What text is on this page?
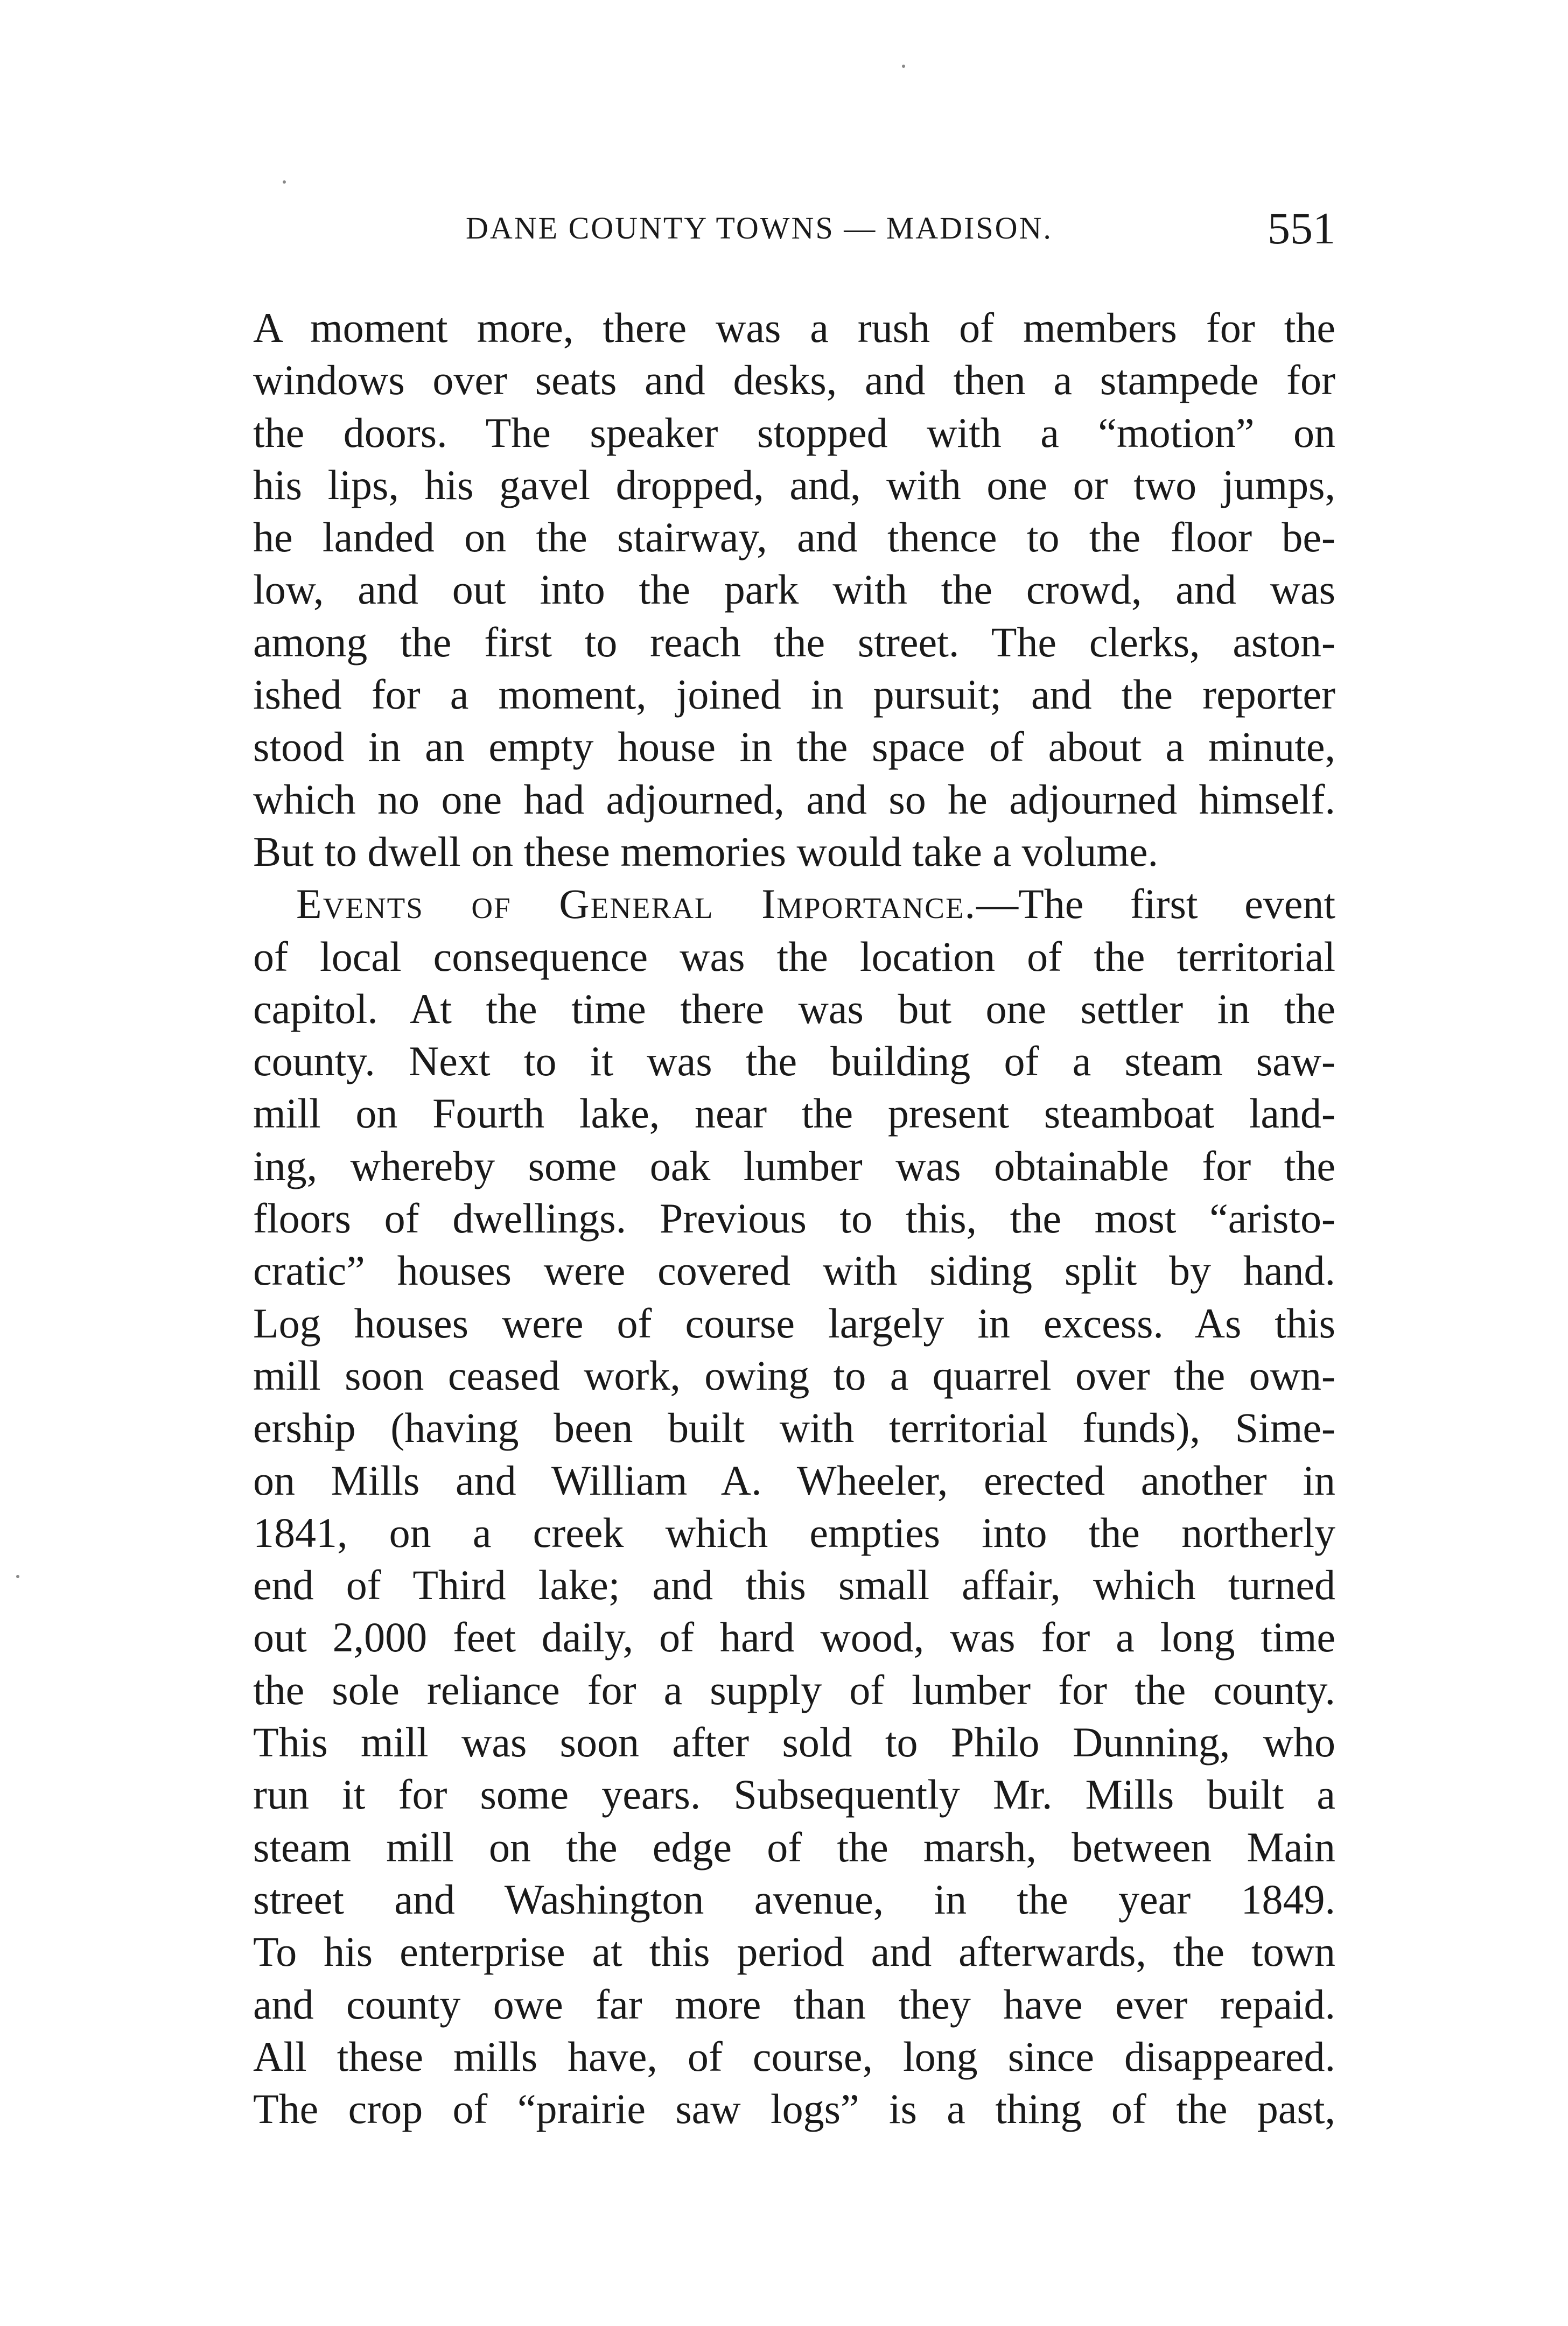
DANE COUNTY TOWNS — MADISON.	551
A moment more, there was a rush of members for the
windows over seats and desks, and then a stampede for
the doors. The speaker stopped with a “motion” on
his lips, his gavel dropped, and, with one or two jumps,
he landed on the stairway, and thence to the floor be-
low, and out into the park with the crowd, and was
among the first to reach the street. The clerks, aston-
ished for a moment, joined in pursuit; and the reporter
stood in an empty house in the space of about a minute,
which no one had adjourned, and so he adjourned himself.
But to dwell on these memories would take a volume.
Events of General Importance.—The first event
of local consequence was the location of the territorial
capitol. At the time there was but one settler in the
county. Next to it was the building of a steam saw-
mill on Fourth lake, near the present steamboat land-
ing, whereby some oak lumber was obtainable for the
floors of dwellings. Previous to this, the most “aristo-
cratic” houses were covered with siding split by hand.
Log houses were of course largely in excess. As this
mill soon ceased work, owing to a quarrel over the own-
ership (having been built with territorial funds), Sime-
on Mills and William A. Wheeler, erected another in
1841, on a creek which empties into the northerly
end of Third lake; and this small affair, which turned
out 2,000 feet daily, of hard wood, was for a long time
the sole reliance for a supply of lumber for the county.
This mill was soon after sold to Philo Dunning, who
run it for some years. Subsequently Mr. Mills built a
steam mill on the edge of the marsh, between Main
street and Washington avenue, in the year 1849.
To his enterprise at this period and afterwards, the town
and county owe far more than they have ever repaid.
All these mills have, of course, long since disappeared.
The crop of “prairie saw logs” is a thing of the past,
